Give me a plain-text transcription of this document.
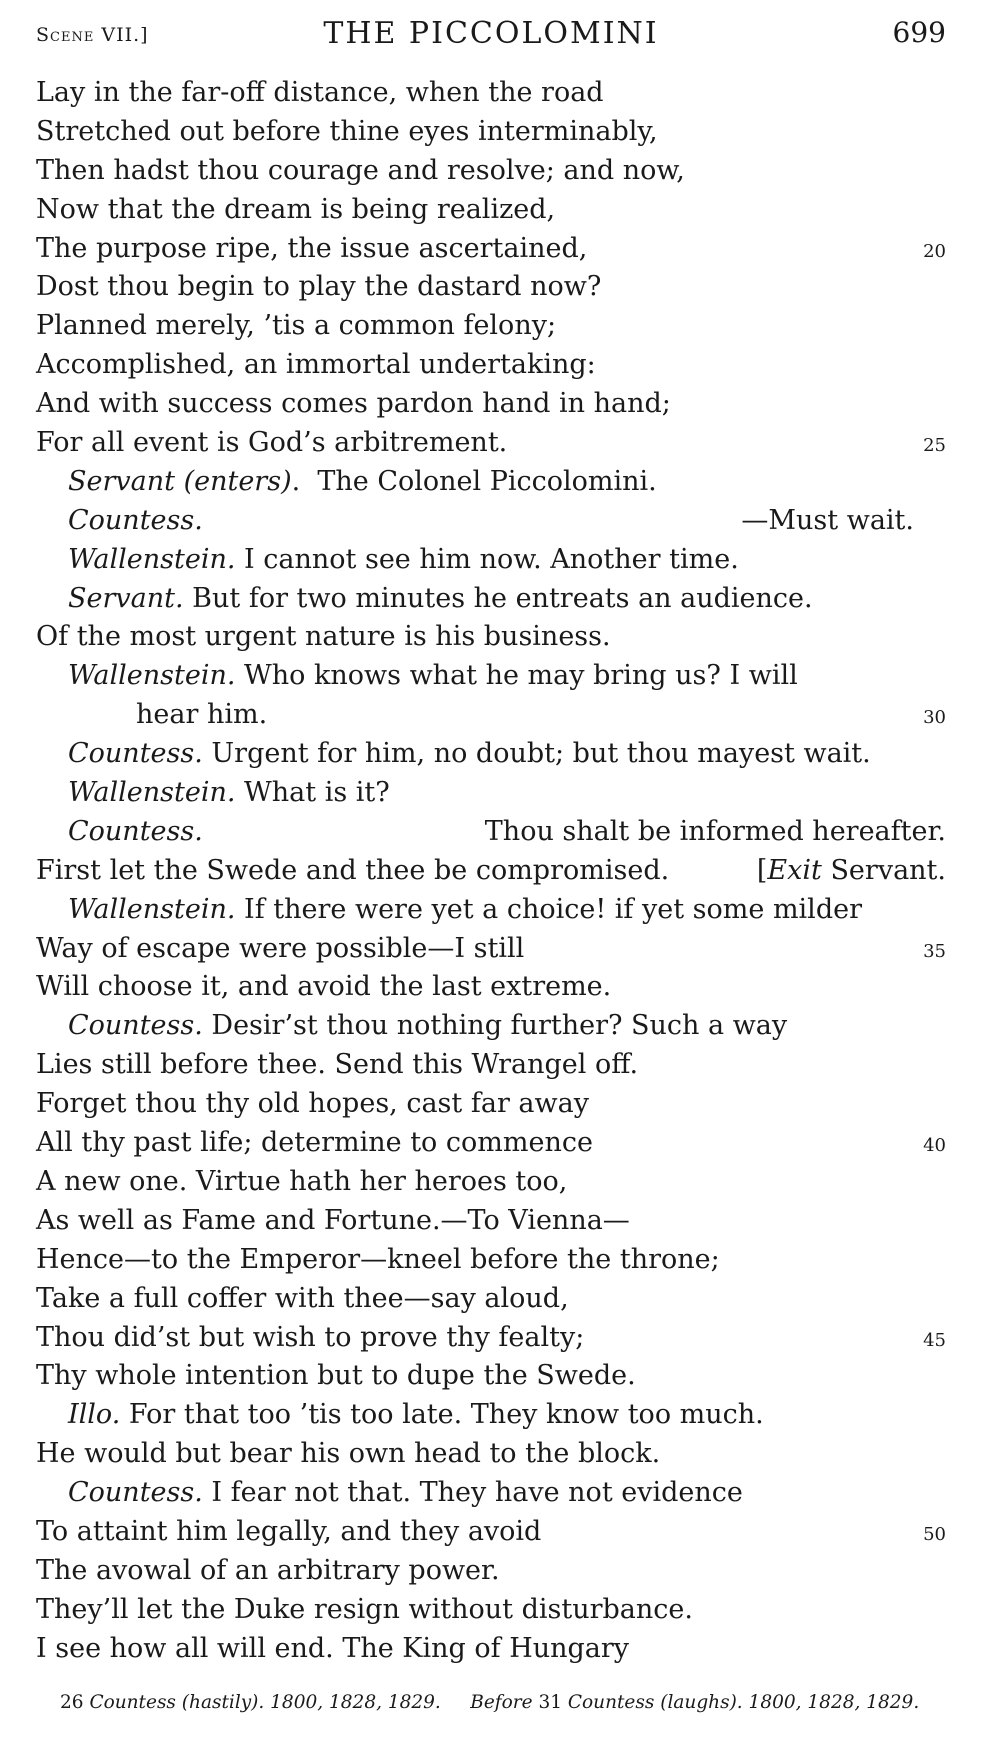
Scene VII.]	THE PICCOLOMINI	699
Lay in the far-off distance, when the road
Stretched out before thine eyes interminably,
Then hadst thou courage and resolve; and now,
Now that the dream is being realized,
The purpose ripe, the issue ascertained,	20
Dost thou begin to play the dastard now?
Planned merely, ’tis a common felony;
Accomplished, an immortal undertaking:
And with success comes pardon hand in hand;
For all event is God’s arbitrement.	25
Servant (enters).  The Colonel Piccolomini.
Countess.	—Must wait.
Wallenstein. I cannot see him now. Another time.
Servant. But for two minutes he entreats an audience.
Of the most urgent nature is his business.
Wallenstein. Who knows what he may bring us? I will
hear him.	30
Countess. Urgent for him, no doubt; but thou mayest wait.
Wallenstein. What is it?
Countess.	Thou shalt be informed hereafter.
First let the Swede and thee be compromised.	[Exit Servant.
Wallenstein. If there were yet a choice! if yet some milder
Way of escape were possible—I still	35
Will choose it, and avoid the last extreme.
Countess. Desir’st thou nothing further? Such a way
Lies still before thee. Send this Wrangel off.
Forget thou thy old hopes, cast far away
All thy past life; determine to commence	40
A new one. Virtue hath her heroes too,
As well as Fame and Fortune.—To Vienna—
Hence—to the Emperor—kneel before the throne;
Take a full coffer with thee—say aloud,
Thou did’st but wish to prove thy fealty;	45
Thy whole intention but to dupe the Swede.
Illo. For that too ’tis too late. They know too much.
He would but bear his own head to the block.
Countess. I fear not that. They have not evidence
To attaint him legally, and they avoid	50
The avowal of an arbitrary power.
They’ll let the Duke resign without disturbance.
I see how all will end. The King of Hungary
26 Countess (hastily). 1800, 1828, 1829. Before 31 Countess (laughs). 1800, 1828, 1829.
